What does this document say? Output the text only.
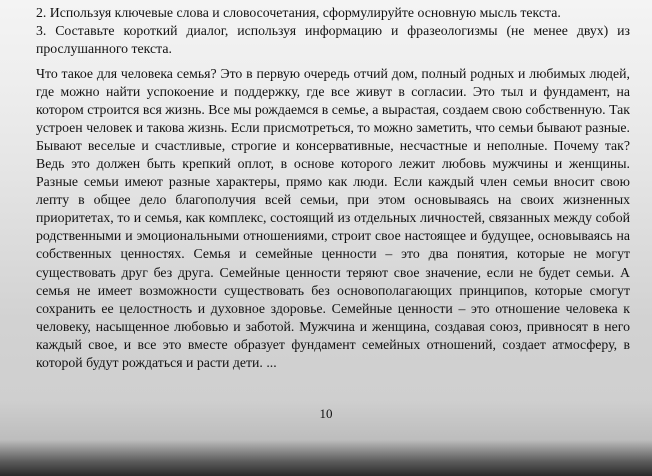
2. Используя ключевые слова и словосочетания, сформулируйте основную мысль текста.

3. Составьте короткий диалог, используя информацию и фразеологизмы (не менее двух) из прослушанного текста.

Что такое для человека семья? Это в первую очередь отчий дом, полный родных и любимых людей, где можно найти успокоение и поддержку, где все живут в согласии. Это тыл и фундамент, на котором строится вся жизнь. Все мы рождаемся в семье, а вырастая, создаем свою собственную. Так устроен человек и такова жизнь. Если присмотреться, то можно заметить, что семьи бывают разные. Бывают веселые и счастливые, строгие и консервативные, несчастные и неполные. Почему так? Ведь это должен быть крепкий оплот, в основе которого лежит любовь мужчины и женщины. Разные семьи имеют разные характеры, прямо как люди. Если каждый член семьи вносит свою лепту в общее дело благополучия всей семьи, при этом основываясь на своих жизненных приоритетах, то и семья, как комплекс, состоящий из отдельных личностей, связанных между собой родственными и эмоциональными отношениями, строит свое настоящее и будущее, основываясь на собственных ценностях. Семья и семейные ценности – это два понятия, которые не могут существовать друг без друга. Семейные ценности теряют свое значение, если не будет семьи. А семья не имеет возможности существовать без основополагающих принципов, которые смогут сохранить ее целостность и духовное здоровье. Семейные ценности – это отношение человека к человеку, насыщенное любовью и заботой. Мужчина и женщина, создавая союз, привносят в него каждый свое, и все это вместе образует фундамент семейных отношений, создает атмосферу, в которой будут рождаться и расти дети. ...

10
